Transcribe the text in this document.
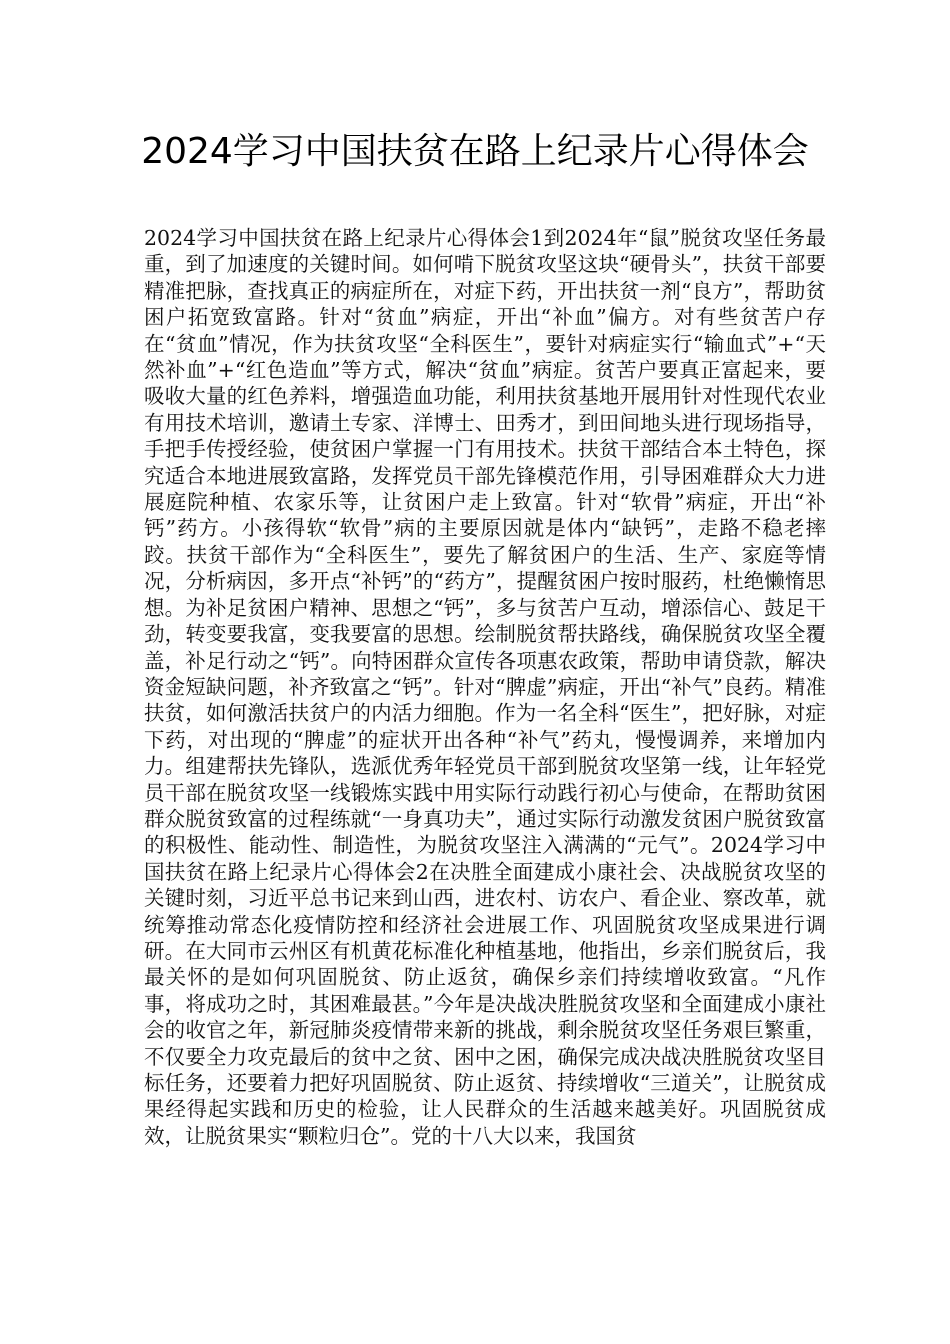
2024学习中国扶贫在路上纪录片心得体会

2024学习中国扶贫在路上纪录片心得体会1到2024年“鼠”脱贫攻坚任务最重，到了加速度的关键时间。如何啃下脱贫攻坚这块“硬骨头”，扶贫干部要精准把脉，查找真正的病症所在，对症下药，开出扶贫一剂“良方”，帮助贫困户拓宽致富路。针对“贫血”病症，开出“补血”偏方。对有些贫苦户存在“贫血”情况，作为扶贫攻坚“全科医生”，要针对病症实行“输血式”+“天然补血”+“红色造血”等方式，解决“贫血”病症。贫苦户要真正富起来，要吸收大量的红色养料，增强造血功能，利用扶贫基地开展用针对性现代农业有用技术培训，邀请土专家、洋博士、田秀才，到田间地头进行现场指导，手把手传授经验，使贫困户掌握一门有用技术。扶贫干部结合本土特色，探究适合本地进展致富路，发挥党员干部先锋模范作用，引导困难群众大力进展庭院种植、农家乐等，让贫困户走上致富。针对“软骨”病症，开出“补钙”药方。小孩得软“软骨”病的主要原因就是体内“缺钙”，走路不稳老摔跤。扶贫干部作为“全科医生”，要先了解贫困户的生活、生产、家庭等情况，分析病因，多开点“补钙”的“药方”，提醒贫困户按时服药，杜绝懒惰思想。为补足贫困户精神、思想之“钙”，多与贫苦户互动，增添信心、鼓足干劲，转变要我富，变我要富的思想。绘制脱贫帮扶路线，确保脱贫攻坚全覆盖，补足行动之“钙”。向特困群众宣传各项惠农政策，帮助申请贷款，解决资金短缺问题，补齐致富之“钙”。针对“脾虚”病症，开出“补气”良药。精准扶贫，如何激活扶贫户的内活力细胞。作为一名全科“医生”，把好脉，对症下药，对出现的“脾虚”的症状开出各种“补气”药丸，慢慢调养，来增加内力。组建帮扶先锋队，选派优秀年轻党员干部到脱贫攻坚第一线，让年轻党员干部在脱贫攻坚一线锻炼实践中用实际行动践行初心与使命，在帮助贫困群众脱贫致富的过程练就“一身真功夫”，通过实际行动激发贫困户脱贫致富的积极性、能动性、制造性，为脱贫攻坚注入满满的“元气”。2024学习中国扶贫在路上纪录片心得体会2在决胜全面建成小康社会、决战脱贫攻坚的关键时刻，习近平总书记来到山西，进农村、访农户、看企业、察改革，就统筹推动常态化疫情防控和经济社会进展工作、巩固脱贫攻坚成果进行调研。在大同市云州区有机黄花标准化种植基地，他指出，乡亲们脱贫后，我最关怀的是如何巩固脱贫、防止返贫，确保乡亲们持续增收致富。“凡作事，将成功之时，其困难最甚。”今年是决战决胜脱贫攻坚和全面建成小康社会的收官之年，新冠肺炎疫情带来新的挑战，剩余脱贫攻坚任务艰巨繁重，不仅要全力攻克最后的贫中之贫、困中之困，确保完成决战决胜脱贫攻坚目标任务，还要着力把好巩固脱贫、防止返贫、持续增收“三道关”，让脱贫成果经得起实践和历史的检验，让人民群众的生活越来越美好。巩固脱贫成效，让脱贫果实“颗粒归仓”。党的十八大以来，我国贫
